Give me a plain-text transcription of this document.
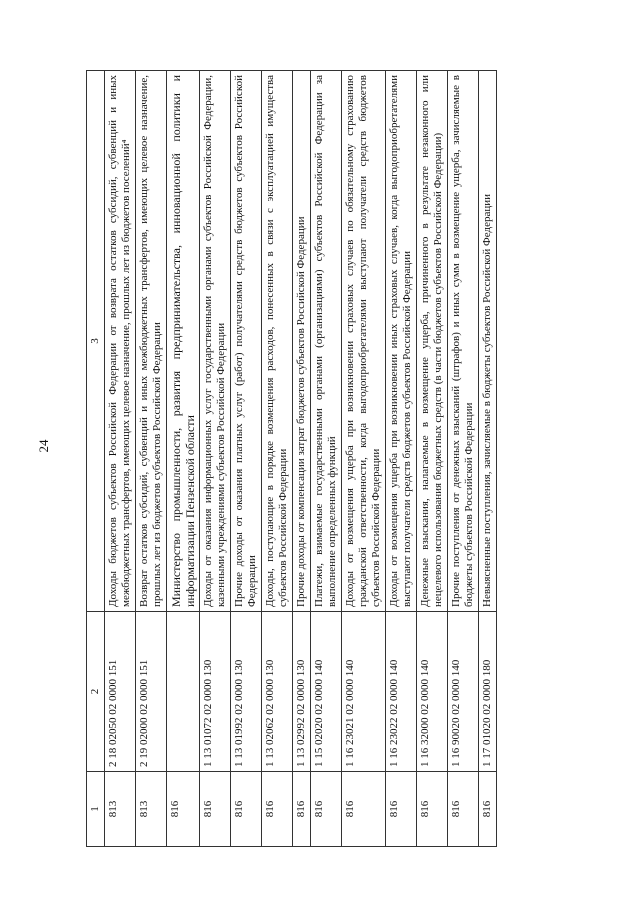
24
1	2	3
813	2 18 02050 02 0000 151	Доходы бюджетов субъектов Российской Федерации от возврата остатков субсидий, субвенций и иных межбюджетных трансфертов, имеющих целевое назначение, прошлых лет из бюджетов поселений⁴
813	2 19 02000 02 0000 151	Возврат остатков субсидий, субвенций и иных межбюджетных трансфертов, имеющих целевое назначение, прошлых лет из бюджетов субъектов Российской Федерации
816		Министерство промышленности, развития предпринимательства, инновационной политики и информатизации Пензенской области
816	1 13 01072 02 0000 130	Доходы от оказания информационных услуг государственными органами субъектов Российской Федерации, казенными учреждениями субъектов Российской Федерации
816	1 13 01992 02 0000 130	Прочие доходы от оказания платных услуг (работ) получателями средств бюджетов субъектов Российской Федерации
816	1 13 02062 02 0000 130	Доходы, поступающие в порядке возмещения расходов, понесенных в связи с эксплуатацией имущества субъектов Российской Федерации
816	1 13 02992 02 0000 130	Прочие доходы от компенсации затрат бюджетов субъектов Российской Федерации
816	1 15 02020 02 0000 140	Платежи, взимаемые государственными органами (организациями) субъектов Российской Федерации за выполнение определенных функций
816	1 16 23021 02 0000 140	Доходы от возмещения ущерба при возникновении страховых случаев по обязательному страхованию гражданской ответственности, когда выгодоприобретателями выступают получатели средств бюджетов субъектов Российской Федерации
816	1 16 23022 02 0000 140	Доходы от возмещения ущерба при возникновении иных страховых случаев, когда выгодоприобретателями выступают получатели средств бюджетов субъектов Российской Федерации
816	1 16 32000 02 0000 140	Денежные взыскания, налагаемые в возмещение ущерба, причиненного в результате незаконного или нецелевого использования бюджетных средств (в части бюджетов субъектов Российской Федерации)
816	1 16 90020 02 0000 140	Прочие поступления от денежных взысканий (штрафов) и иных сумм в возмещение ущерба, зачисляемые в бюджеты субъектов Российской Федерации
816	1 17 01020 02 0000 180	Невыясненные поступления, зачисляемые в бюджеты субъектов Российской Федерации
